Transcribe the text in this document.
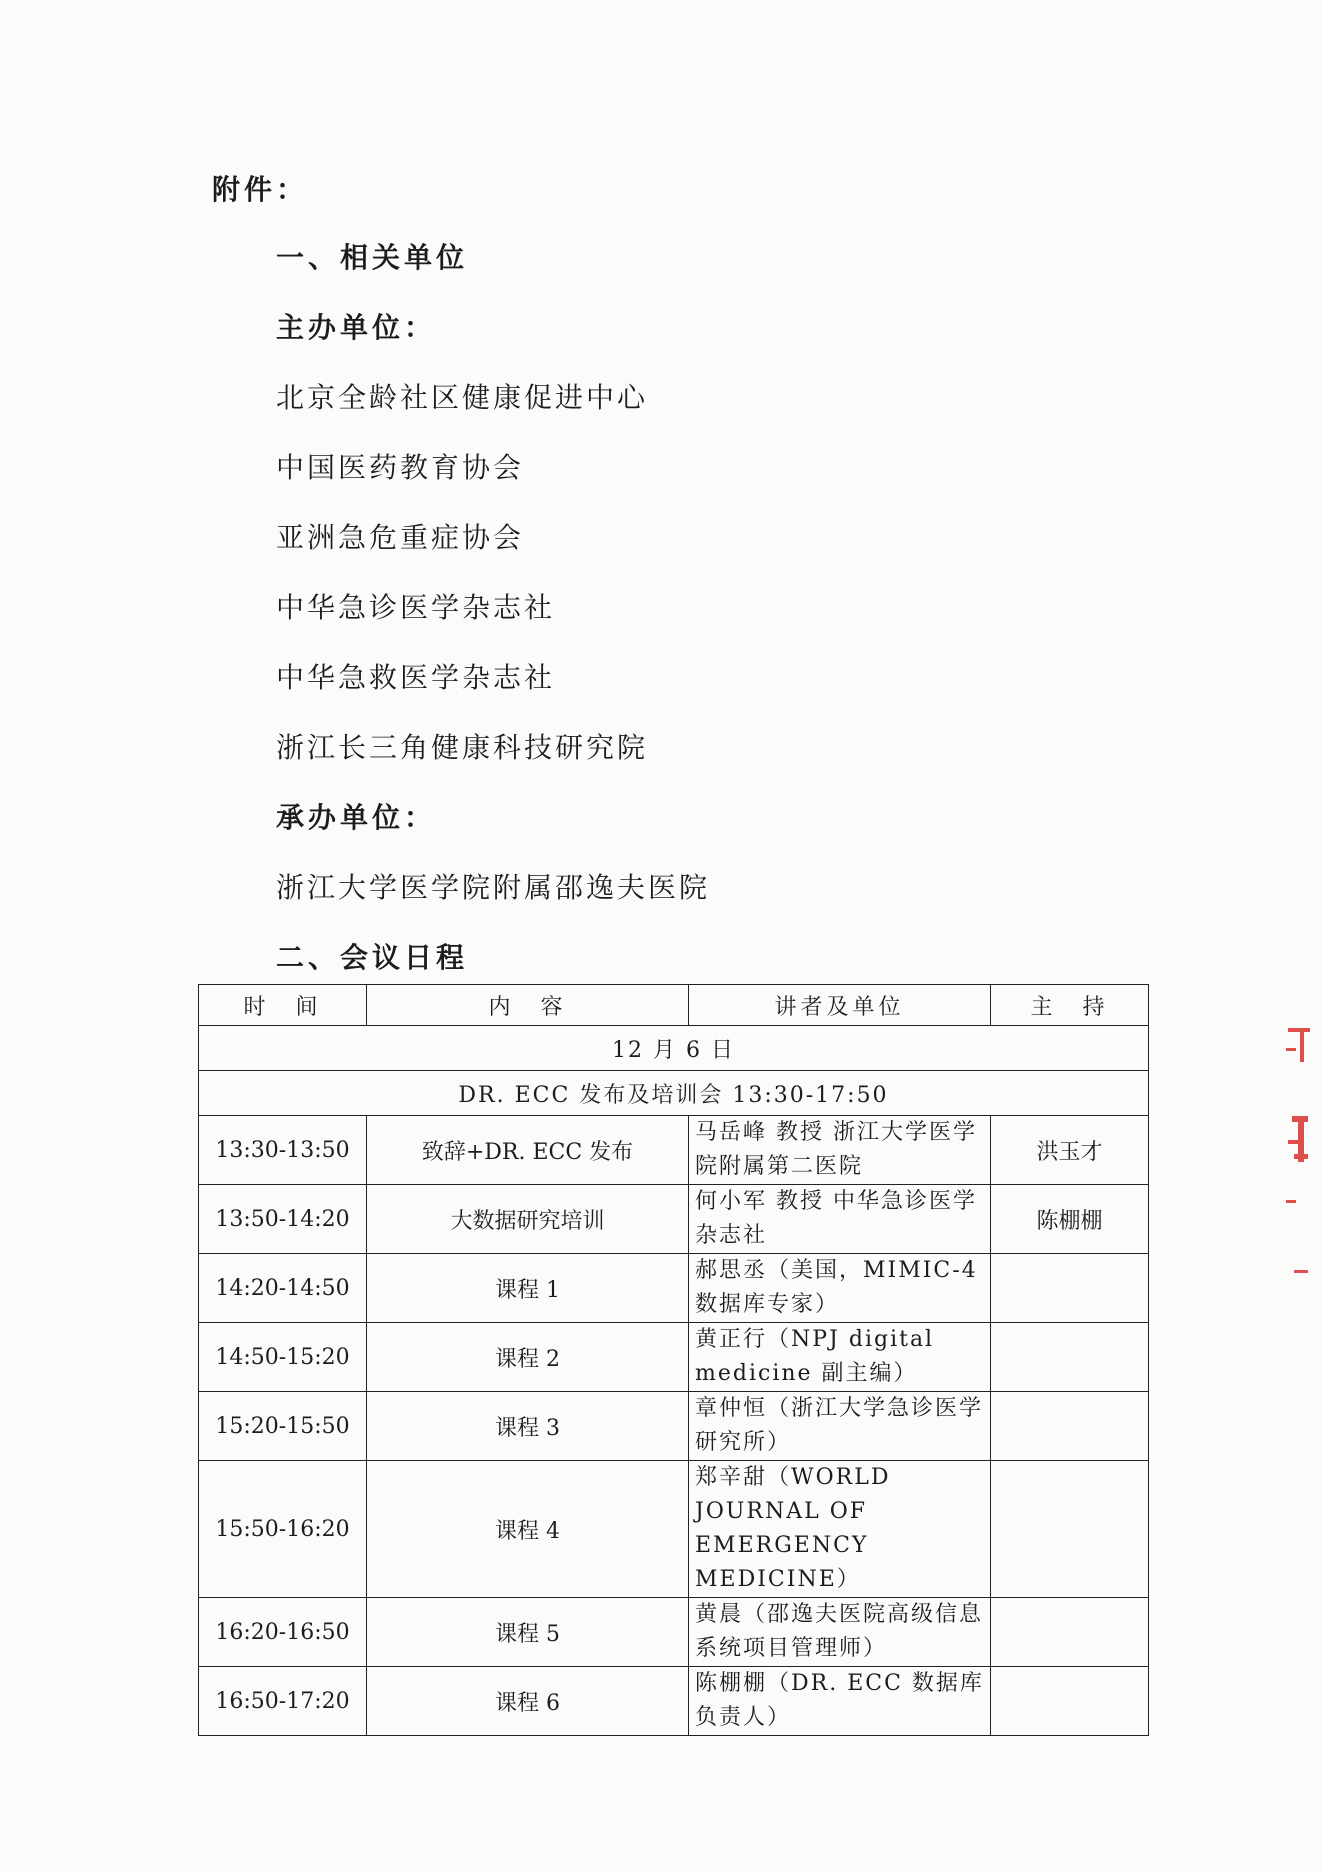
附件：
一、相关单位
主办单位：
北京全龄社区健康促进中心
中国医药教育协会
亚洲急危重症协会
中华急诊医学杂志社
中华急救医学杂志社
浙江长三角健康科技研究院
承办单位：
浙江大学医学院附属邵逸夫医院
二、会议日程
时　间	内　容	讲者及单位	主　持
12 月 6 日			
DR. ECC 发布及培训会 13:30-17:50			
13:30-13:50	致辞+DR. ECC 发布	马岳峰 教授 浙江大学医学院附属第二医院	洪玉才
13:50-14:20	大数据研究培训	何小军 教授 中华急诊医学杂志社	陈棚棚
14:20-14:50	课程 1	郝思丞（美国，MIMIC-4 数据库专家）	
14:50-15:20	课程 2	黄正行（NPJ digital medicine 副主编）	
15:20-15:50	课程 3	章仲恒（浙江大学急诊医学研究所）	
15:50-16:20	课程 4	郑辛甜（WORLD JOURNAL OF EMERGENCY MEDICINE）	
16:20-16:50	课程 5	黄晨（邵逸夫医院高级信息系统项目管理师）	
16:50-17:20	课程 6	陈棚棚（DR. ECC 数据库负责人）	
